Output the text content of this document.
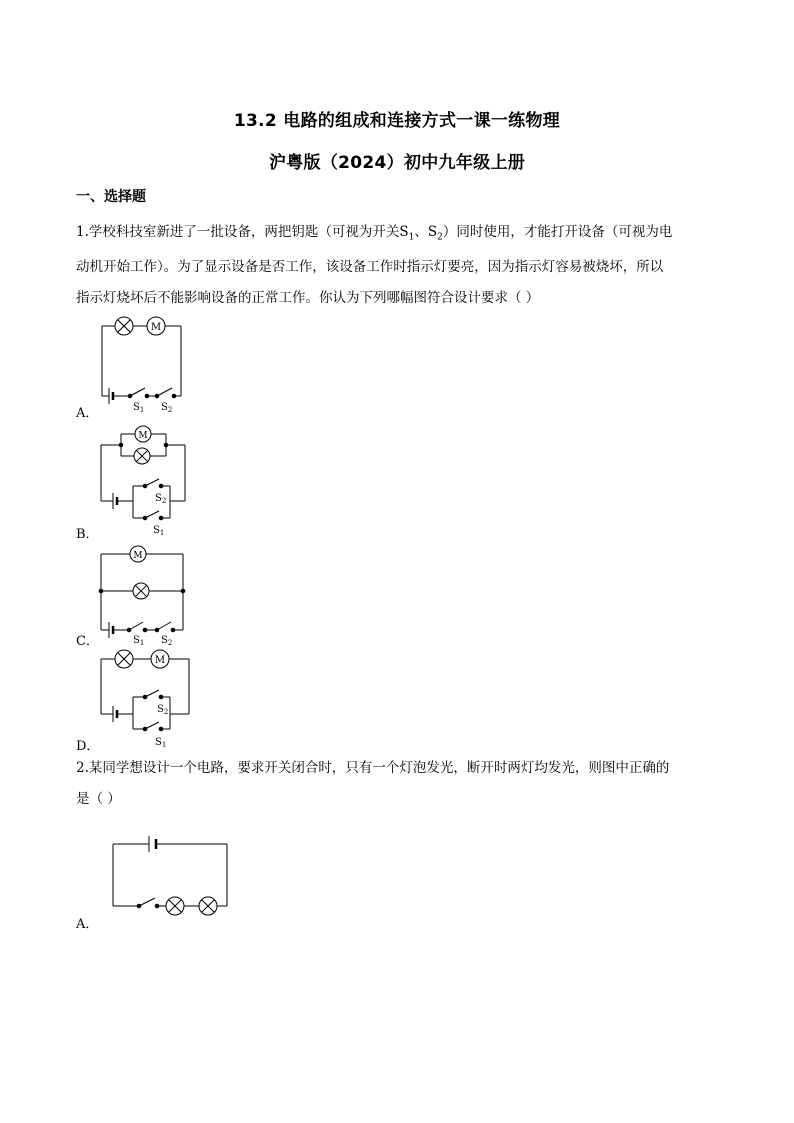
13.2 电路的组成和连接方式一课一练物理
沪粤版（2024）初中九年级上册
一、选择题
1.学校科技室新进了一批设备，两把钥匙（可视为开关$S_1$、$S_2$）同时使用，才能打开设备（可视为电
动机开始工作）。为了显示设备是否工作，该设备工作时指示灯要亮，因为指示灯容易被烧坏，所以
指示灯烧坏后不能影响设备的正常工作。你认为下列哪幅图符合设计要求（ ）
A．
M
$S_1$ $S_2$
B．
M
$S_2$
$S_1$
C．
M
$S_1$ $S_2$
D．
M
$S_2$
$S_1$
2.某同学想设计一个电路，要求开关闭合时，只有一个灯泡发光，断开时两灯均发光，则图中正确的
是（ ）
A．
